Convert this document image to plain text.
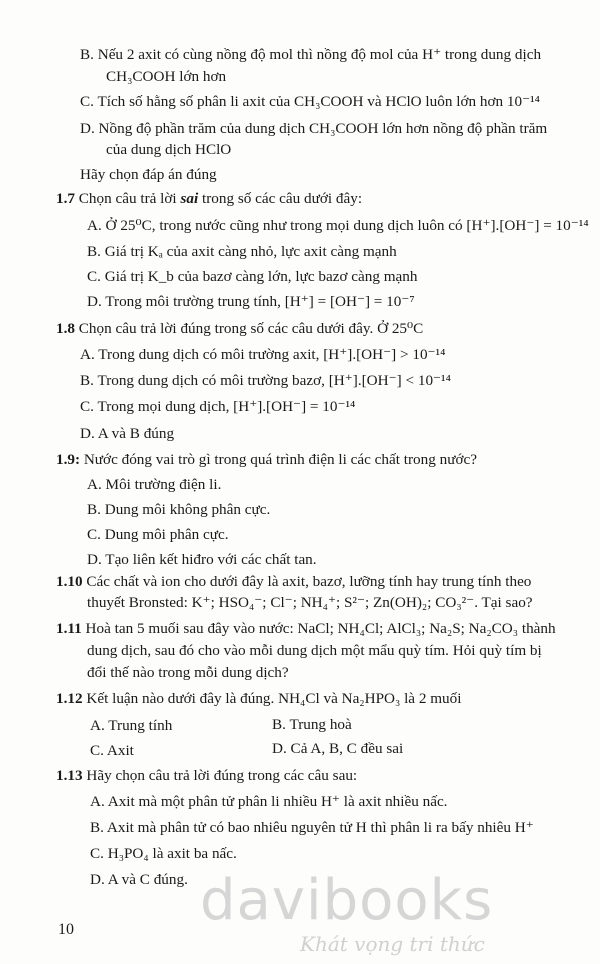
B. Nếu 2 axit có cùng nồng độ mol thì nồng độ mol của H⁺ trong dung dịch
CH₃COOH lớn hơn
C. Tích số hằng số phân li axit của CH₃COOH và HClO luôn lớn hơn 10⁻¹⁴
D. Nồng độ phần trăm của dung dịch CH₃COOH lớn hơn nồng độ phần trăm
của dung dịch HClO
Hãy chọn đáp án đúng
1.7 Chọn câu trả lời sai trong số các câu dưới đây:
A. Ở 25⁰C, trong nước cũng như trong mọi dung dịch luôn có [H⁺].[OH⁻] = 10⁻¹⁴
B. Giá trị Kₐ của axit càng nhỏ, lực axit càng mạnh
C. Giá trị K_b của bazơ càng lớn, lực bazơ càng mạnh
D. Trong môi trường trung tính, [H⁺] = [OH⁻] = 10⁻⁷
1.8 Chọn câu trả lời đúng trong số các câu dưới đây. Ở 25⁰C
A. Trong dung dịch có môi trường axit, [H⁺].[OH⁻] > 10⁻¹⁴
B. Trong dung dịch có môi trường bazơ, [H⁺].[OH⁻] < 10⁻¹⁴
C. Trong mọi dung dịch, [H⁺].[OH⁻] = 10⁻¹⁴
D. A và B đúng
1.9: Nước đóng vai trò gì trong quá trình điện li các chất trong nước?
A. Môi trường điện li.
B. Dung môi không phân cực.
C. Dung môi phân cực.
D. Tạo liên kết hiđro với các chất tan.
1.10 Các chất và ion cho dưới đây là axit, bazơ, lưỡng tính hay trung tính theo
thuyết Bronsted: K⁺; HSO₄⁻; Cl⁻; NH₄⁺; S²⁻; Zn(OH)₂; CO₃²⁻. Tại sao?
1.11 Hoà tan 5 muối sau đây vào nước: NaCl; NH₄Cl; AlCl₃; Na₂S; Na₂CO₃ thành
dung dịch, sau đó cho vào mỗi dung dịch một mẩu quỳ tím. Hỏi quỳ tím bị
đổi thế nào trong mỗi dung dịch?
1.12 Kết luận nào dưới đây là đúng. NH₄Cl và Na₂HPO₃ là 2 muối
A. Trung tính	B. Trung hoà
C. Axit	D. Cả A, B, C đều sai
1.13 Hãy chọn câu trả lời đúng trong các câu sau:
A. Axit mà một phân tử phân li nhiều H⁺ là axit nhiều nấc.
B. Axit mà phân tử có bao nhiêu nguyên tử H thì phân li ra bấy nhiêu H⁺
C. H₃PO₄ là axit ba nấc.
D. A và C đúng. davibooks
Khát vọng tri thức
10
